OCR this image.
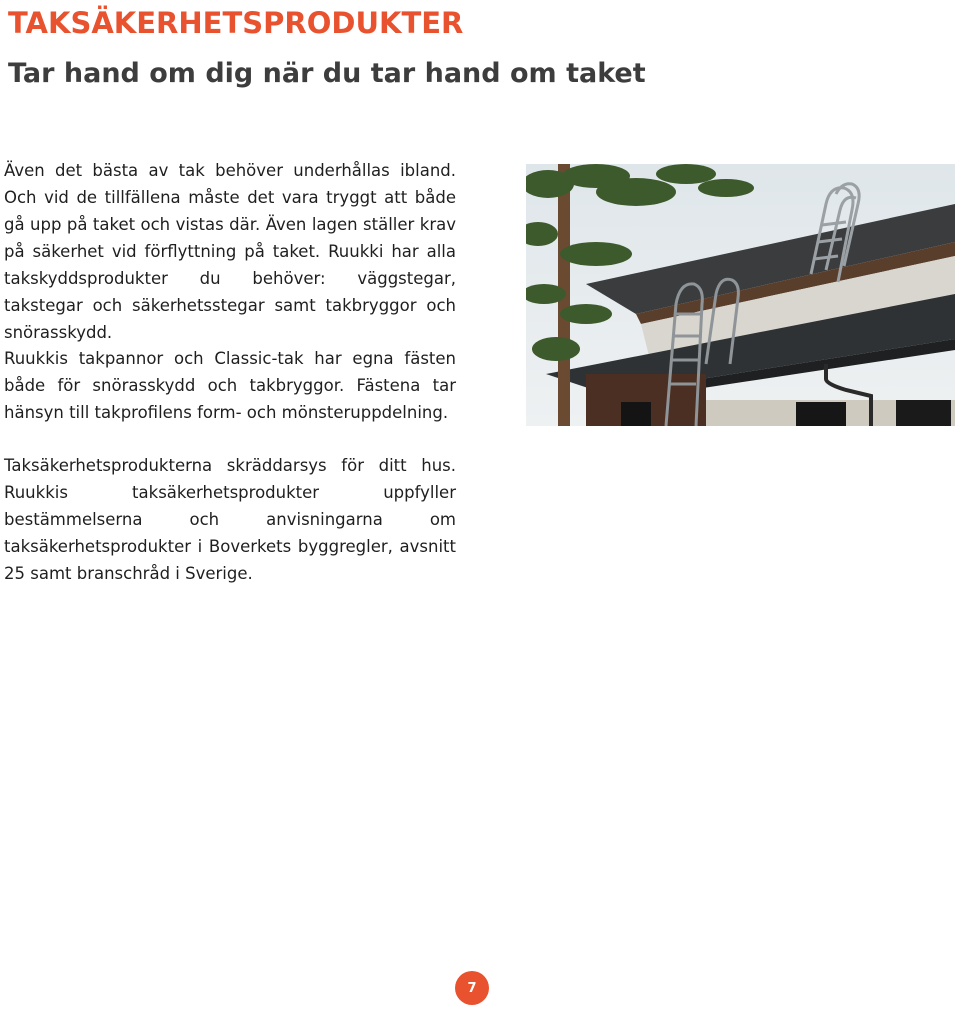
TAKSÄKERHETSPRODUKTER
Tar hand om dig när du tar hand om taket

Även det bästa av tak behöver underhållas ibland. Och vid de tillfällena måste det vara tryggt att både gå upp på taket och vistas där. Även lagen ställer krav på säkerhet vid förflyttning på taket. Ruukki har alla takskyddsprodukter du behöver: väggstegar, takstegar och säkerhetsstegar samt takbryggor och snörasskydd.

Ruukkis takpannor och Classic-tak har egna fästen både för snörasskydd och takbryggor. Fästena tar hänsyn till takprofilens form- och mönsteruppdelning.

Taksäkerhetsprodukterna skräddarsys för ditt hus. Ruukkis taksäkerhetsprodukter uppfyller bestämmelserna och anvisningarna om taksäkerhetsprodukter i Boverkets byggregler, avsnitt 25 samt branschråd i Sverige.

7
